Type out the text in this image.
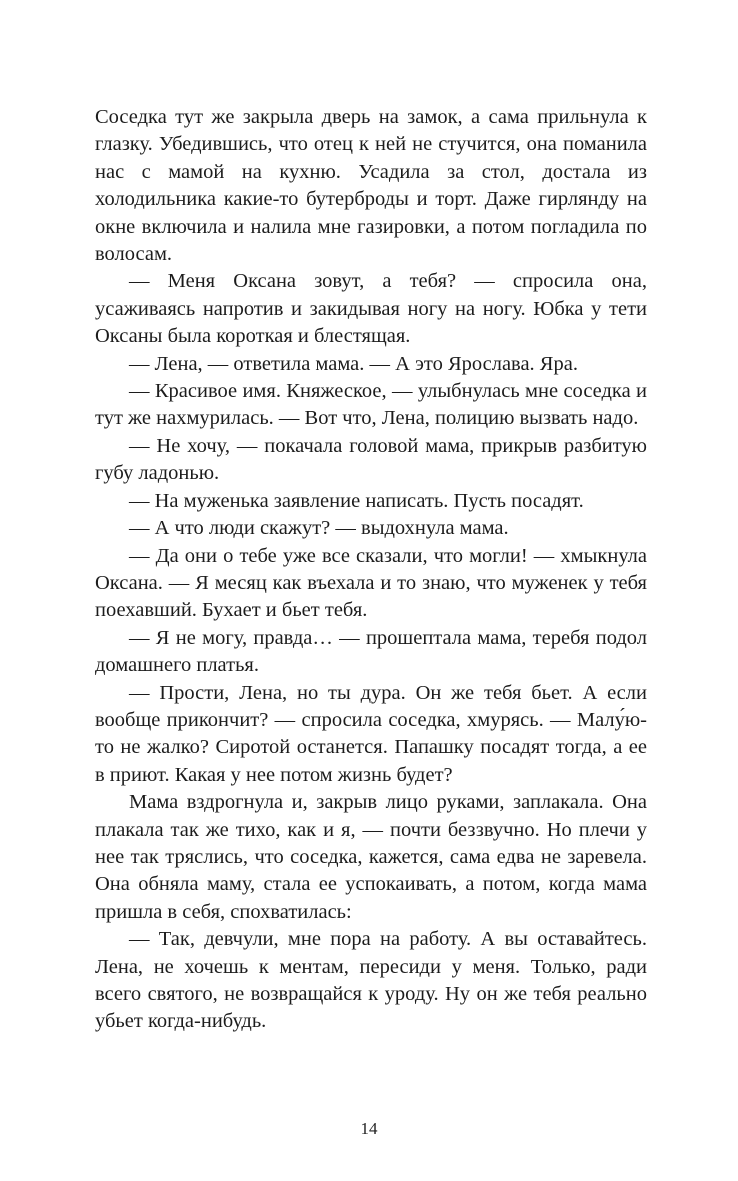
Соседка тут же закрыла дверь на замок, а сама прильнула к глазку. Убедившись, что отец к ней не стучится, она поманила нас с мамой на кухню. Усадила за стол, достала из холодильника какие-то бутерброды и торт. Даже гирлянду на окне включила и налила мне газировки, а потом погладила по волосам.

— Меня Оксана зовут, а тебя? — спросила она, усаживаясь напротив и закидывая ногу на ногу. Юбка у тети Оксаны была короткая и блестящая.

— Лена, — ответила мама. — А это Ярослава. Яра.

— Красивое имя. Княжеское, — улыбнулась мне соседка и тут же нахмурилась. — Вот что, Лена, полицию вызвать надо.

— Не хочу, — покачала головой мама, прикрыв разбитую губу ладонью.

— На муженька заявление написать. Пусть посадят.

— А что люди скажут? — выдохнула мама.

— Да они о тебе уже все сказали, что могли! — хмыкнула Оксана. — Я месяц как въехала и то знаю, что муженек у тебя поехавший. Бухает и бьет тебя.

— Я не могу, правда… — прошептала мама, теребя подол домашнего платья.

— Прости, Лена, но ты дура. Он же тебя бьет. А если вообще прикончит? — спросила соседка, хмурясь. — Малу́ю-то не жалко? Сиротой останется. Папашку посадят тогда, а ее в приют. Какая у нее потом жизнь будет?

Мама вздрогнула и, закрыв лицо руками, заплакала. Она плакала так же тихо, как и я, — почти беззвучно. Но плечи у нее так тряслись, что соседка, кажется, сама едва не заревела. Она обняла маму, стала ее успокаивать, а потом, когда мама пришла в себя, спохватилась:

— Так, девчули, мне пора на работу. А вы оставайтесь. Лена, не хочешь к ментам, пересиди у меня. Только, ради всего святого, не возвращайся к уроду. Ну он же тебя реально убьет когда-нибудь.

14
